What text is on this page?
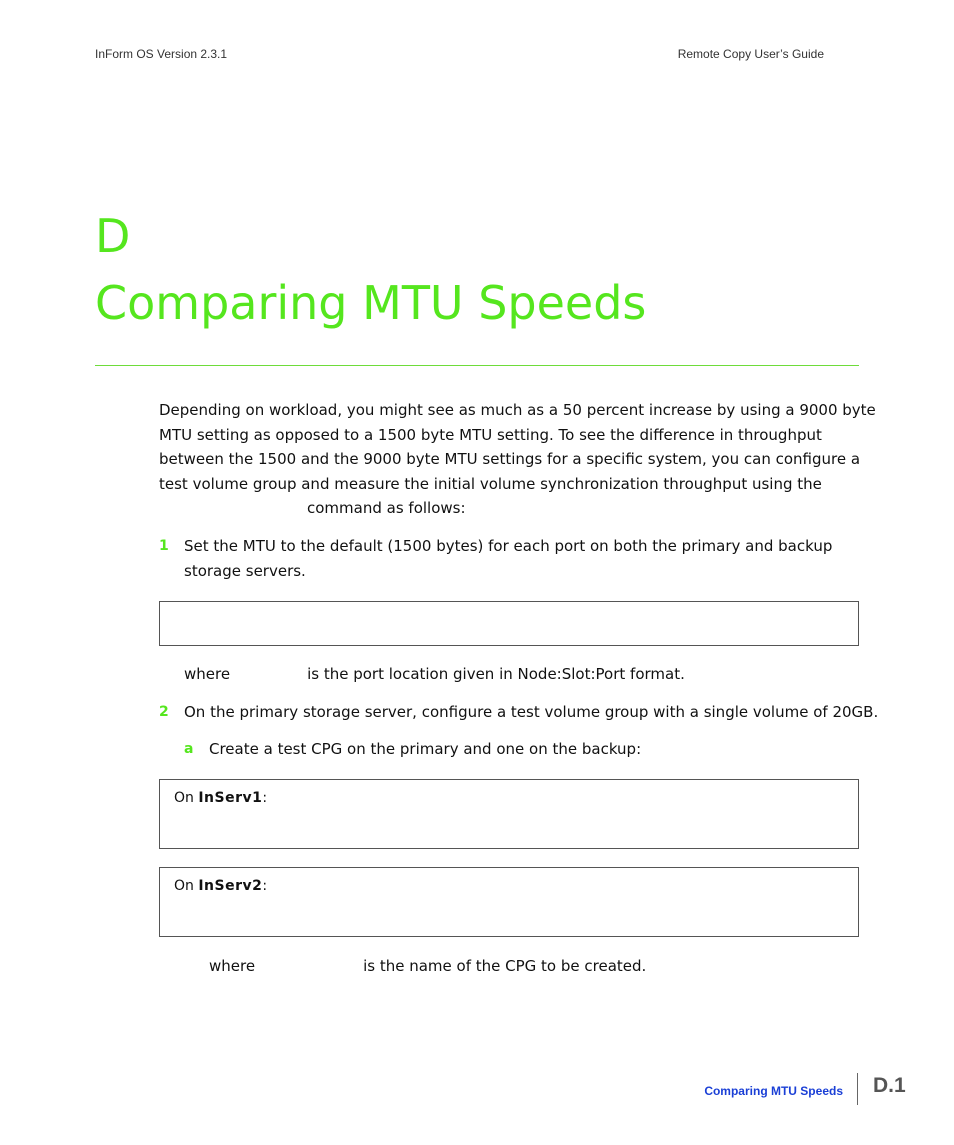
InForm OS Version 2.3.1	Remote Copy User’s Guide
D
Comparing MTU Speeds
Depending on workload, you might see as much as a 50 percent increase by using a 9000 byte
MTU setting as opposed to a 1500 byte MTU setting. To see the difference in throughput
between the 1500 and the 9000 byte MTU settings for a specific system, you can configure a
test volume group and measure the initial volume synchronization throughput using the
command as follows:
1 Set the MTU to the default (1500 bytes) for each port on both the primary and backup
storage servers.
where	is the port location given in Node:Slot:Port format.
2 On the primary storage server, configure a test volume group with a single volume of 20GB.
a Create a test CPG on the primary and one on the backup:
On InServ1:
On InServ2:
where	is the name of the CPG to be created.
Comparing MTU Speeds D.1
